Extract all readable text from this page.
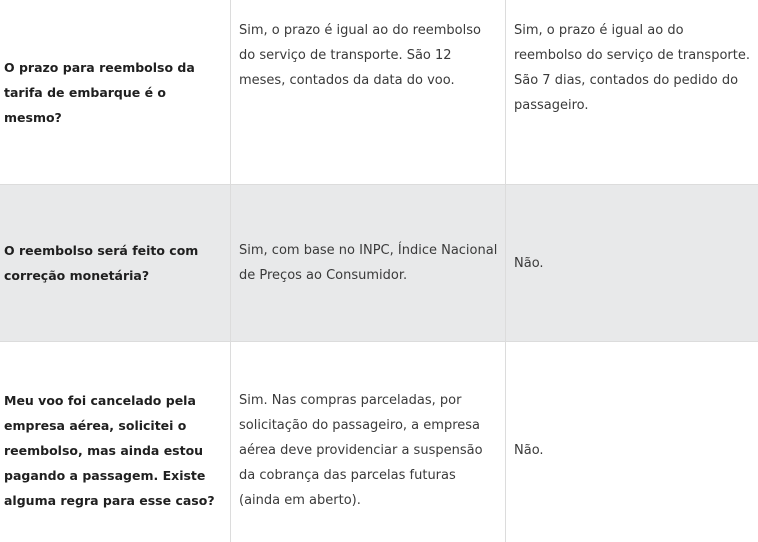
O prazo para reembolso da tarifa de embarque é o mesmo?	Sim, o prazo é igual ao do reembolso do serviço de transporte. São 12 meses, contados da data do voo.	Sim, o prazo é igual ao do reembolso do serviço de transporte. São 7 dias, contados do pedido do passageiro.
O reembolso será feito com correção monetária?	Sim, com base no INPC, Índice Nacional de Preços ao Consumidor.	Não.
Meu voo foi cancelado pela empresa aérea, solicitei o reembolso, mas ainda estou pagando a passagem. Existe alguma regra para esse caso?	Sim. Nas compras parceladas, por solicitação do passageiro, a empresa aérea deve providenciar a suspensão da cobrança das parcelas futuras (ainda em aberto).	Não.
